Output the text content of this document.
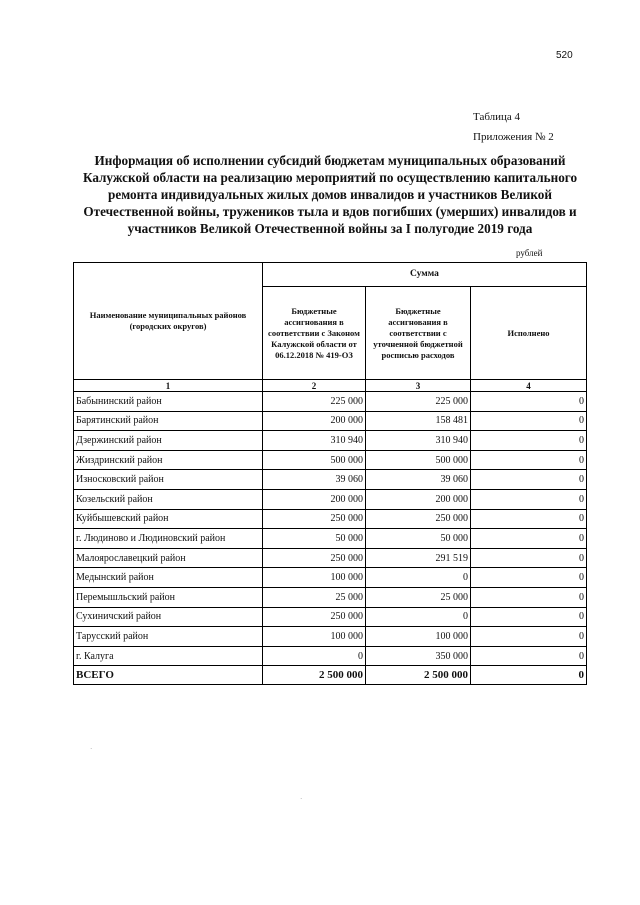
520
Таблица 4
Приложения № 2
Информация об исполнении субсидий бюджетам муниципальных образований Калужской области на реализацию мероприятий по осуществлению капитального ремонта индивидуальных жилых домов инвалидов и участников Великой Отечественной войны, тружеников тыла и вдов погибших (умерших) инвалидов и участников Великой Отечественной войны за I полугодие 2019 года
рублей
Наименование муниципальных районов (городских округов)	Сумма		
	Бюджетные ассигнования в соответствии с Законом Калужской области от 06.12.2018 № 419-ОЗ	Бюджетные ассигнования в соответствии с уточненной бюджетной росписью расходов	Исполнено
1	2	3	4
Бабынинский район	225 000	225 000	0
Барятинский район	200 000	158 481	0
Дзержинский район	310 940	310 940	0
Жиздринский район	500 000	500 000	0
Износковский район	39 060	39 060	0
Козельский район	200 000	200 000	0
Куйбышевский район	250 000	250 000	0
г. Людиново и Людиновский район	50 000	50 000	0
Малоярославецкий район	250 000	291 519	0
Медынский район	100 000	0	0
Перемышльский район	25 000	25 000	0
Сухиничский район	250 000	0	0
Тарусский район	100 000	100 000	0
г. Калуга	0	350 000	0
ВСЕГО	2 500 000	2 500 000	0
·
·
